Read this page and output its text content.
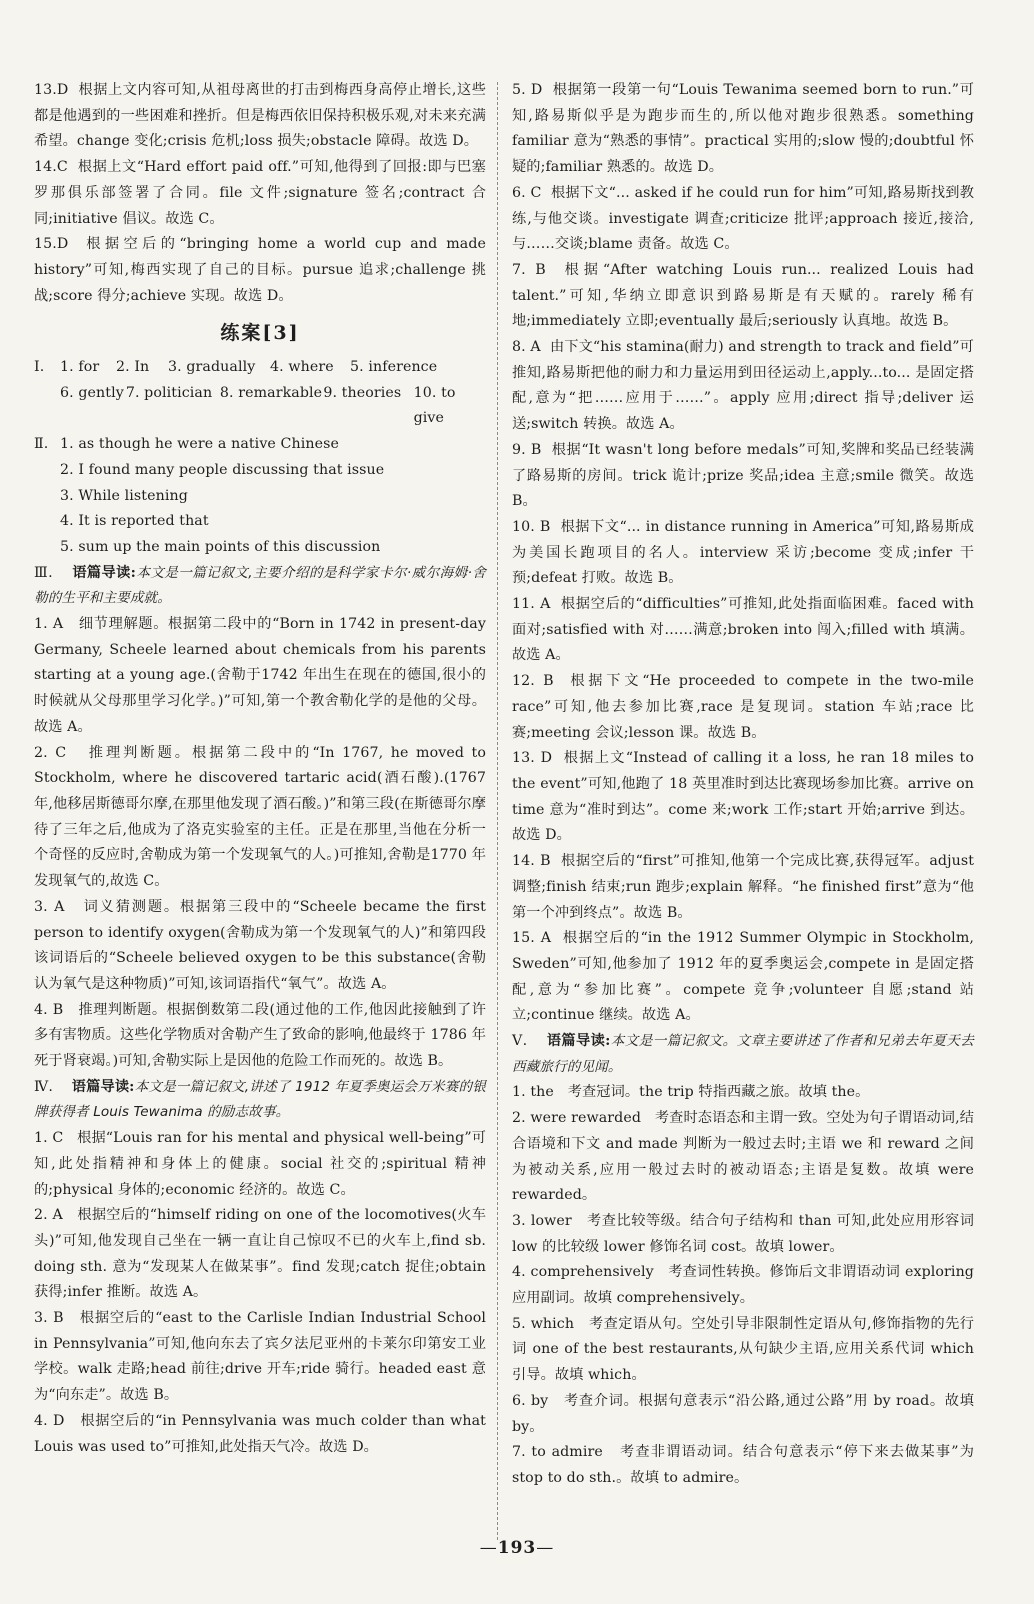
13.D 根据上文内容可知,从祖母离世的打击到梅西身高停止增长,这些都是他遇到的一些困难和挫折。但是梅西依旧保持积极乐观,对未来充满希望。change 变化;crisis 危机;loss 损失;obstacle 障碍。故选 D。

14.C 根据上文“Hard effort paid off.”可知,他得到了回报:即与巴塞罗那俱乐部签署了合同。file 文件;signature 签名;contract 合同;initiative 倡议。故选 C。

15.D 根据空后的“bringing home a world cup and made history”可知,梅西实现了自己的目标。pursue 追求;challenge 挑战;score 得分;achieve 实现。故选 D。

练案[3]
Ⅰ.	1. for	2. In	3. gradually	4. where	5. inference
6. gently 7. politician 8. remarkable 9. theories 10. to give
Ⅱ. 1. as though he were a native Chinese
2. I found many people discussing that issue
3. While listening
4. It is reported that
5. sum up the main points of this discussion

Ⅲ. 语篇导读:本文是一篇记叙文,主要介绍的是科学家卡尔·威尔海姆·舍勒的生平和主要成就。

1. A 细节理解题。根据第二段中的“Born in 1742 in present-day Germany, Scheele learned about chemicals from his parents starting at a young age.(舍勒于1742 年出生在现在的德国,很小的时候就从父母那里学习化学。)”可知,第一个教舍勒化学的是他的父母。故选 A。

2. C 推理判断题。根据第二段中的“In 1767, he moved to Stockholm, where he discovered tartaric acid(酒石酸).(1767 年,他移居斯德哥尔摩,在那里他发现了酒石酸。)”和第三段(在斯德哥尔摩待了三年之后,他成为了洛克实验室的主任。正是在那里,当他在分析一个奇怪的反应时,舍勒成为第一个发现氧气的人。)可推知,舍勒是1770 年发现氧气的,故选 C。

3. A 词义猜测题。根据第三段中的“Scheele became the first person to identify oxygen(舍勒成为第一个发现氧气的人)”和第四段该词语后的“Scheele believed oxygen to be this substance(舍勒认为氧气是这种物质)”可知,该词语指代“氧气”。故选 A。

4. B 推理判断题。根据倒数第二段(通过他的工作,他因此接触到了许多有害物质。这些化学物质对舍勒产生了致命的影响,他最终于 1786 年死于肾衰竭。)可知,舍勒实际上是因他的危险工作而死的。故选 B。

Ⅳ. 语篇导读:本文是一篇记叙文,讲述了 1912 年夏季奥运会万米赛的银牌获得者 Louis Tewanima 的励志故事。

1. C 根据“Louis ran for his mental and physical well-being”可知,此处指精神和身体上的健康。social 社交的;spiritual 精神的;physical 身体的;economic 经济的。故选 C。

2. A 根据空后的“himself riding on one of the locomotives(火车头)”可知,他发现自己坐在一辆一直让自己惊叹不已的火车上,find sb. doing sth. 意为“发现某人在做某事”。find 发现;catch 捉住;obtain 获得;infer 推断。故选 A。

3. B 根据空后的“east to the Carlisle Indian Industrial School in Pennsylvania”可知,他向东去了宾夕法尼亚州的卡莱尔印第安工业学校。walk 走路;head 前往;drive 开车;ride 骑行。headed east 意为“向东走”。故选 B。

4. D 根据空后的“in Pennsylvania was much colder than what Louis was used to”可推知,此处指天气冷。故选 D。

5. D 根据第一段第一句“Louis Tewanima seemed born to run.”可知,路易斯似乎是为跑步而生的,所以他对跑步很熟悉。something familiar 意为“熟悉的事情”。practical 实用的;slow 慢的;doubtful 怀疑的;familiar 熟悉的。故选 D。

6. C 根据下文“... asked if he could run for him”可知,路易斯找到教练,与他交谈。investigate 调查;criticize 批评;approach 接近,接洽,与……交谈;blame 责备。故选 C。

7. B 根据“After watching Louis run... realized Louis had talent.”可知,华纳立即意识到路易斯是有天赋的。rarely 稀有地;immediately 立即;eventually 最后;seriously 认真地。故选 B。

8. A 由下文“his stamina(耐力) and strength to track and field”可推知,路易斯把他的耐力和力量运用到田径运动上,apply...to... 是固定搭配,意为“把……应用于……”。apply 应用;direct 指导;deliver 运送;switch 转换。故选 A。

9. B 根据“It wasn't long before medals”可知,奖牌和奖品已经装满了路易斯的房间。trick 诡计;prize 奖品;idea 主意;smile 微笑。故选 B。

10. B 根据下文“... in distance running in America”可知,路易斯成为美国长跑项目的名人。interview 采访;become 变成;infer 干预;defeat 打败。故选 B。

11. A 根据空后的“difficulties”可推知,此处指面临困难。faced with 面对;satisfied with 对……满意;broken into 闯入;filled with 填满。故选 A。

12. B 根据下文“He proceeded to compete in the two-mile race”可知,他去参加比赛,race 是复现词。station 车站;race 比赛;meeting 会议;lesson 课。故选 B。

13. D 根据上文“Instead of calling it a loss, he ran 18 miles to the event”可知,他跑了 18 英里准时到达比赛现场参加比赛。arrive on time 意为“准时到达”。come 来;work 工作;start 开始;arrive 到达。故选 D。

14. B 根据空后的“first”可推知,他第一个完成比赛,获得冠军。adjust 调整;finish 结束;run 跑步;explain 解释。“he finished first”意为“他第一个冲到终点”。故选 B。

15. A 根据空后的“in the 1912 Summer Olympic in Stockholm, Sweden”可知,他参加了 1912 年的夏季奥运会,compete in 是固定搭配,意为“参加比赛”。compete 竞争;volunteer 自愿;stand 站立;continue 继续。故选 A。

Ⅴ. 语篇导读:本文是一篇记叙文。文章主要讲述了作者和兄弟去年夏天去西藏旅行的见闻。

1. the 考查冠词。the trip 特指西藏之旅。故填 the。

2. were rewarded 考查时态语态和主谓一致。空处为句子谓语动词,结合语境和下文 and made 判断为一般过去时;主语 we 和 reward 之间为被动关系,应用一般过去时的被动语态;主语是复数。故填 were rewarded。

3. lower 考查比较等级。结合句子结构和 than 可知,此处应用形容词 low 的比较级 lower 修饰名词 cost。故填 lower。

4. comprehensively 考查词性转换。修饰后文非谓语动词 exploring 应用副词。故填 comprehensively。

5. which 考查定语从句。空处引导非限制性定语从句,修饰指物的先行词 one of the best restaurants,从句缺少主语,应用关系代词 which 引导。故填 which。

6. by 考查介词。根据句意表示“沿公路,通过公路”用 by road。故填 by。

7. to admire 考查非谓语动词。结合句意表示“停下来去做某事”为 stop to do sth.。故填 to admire。

—193—
